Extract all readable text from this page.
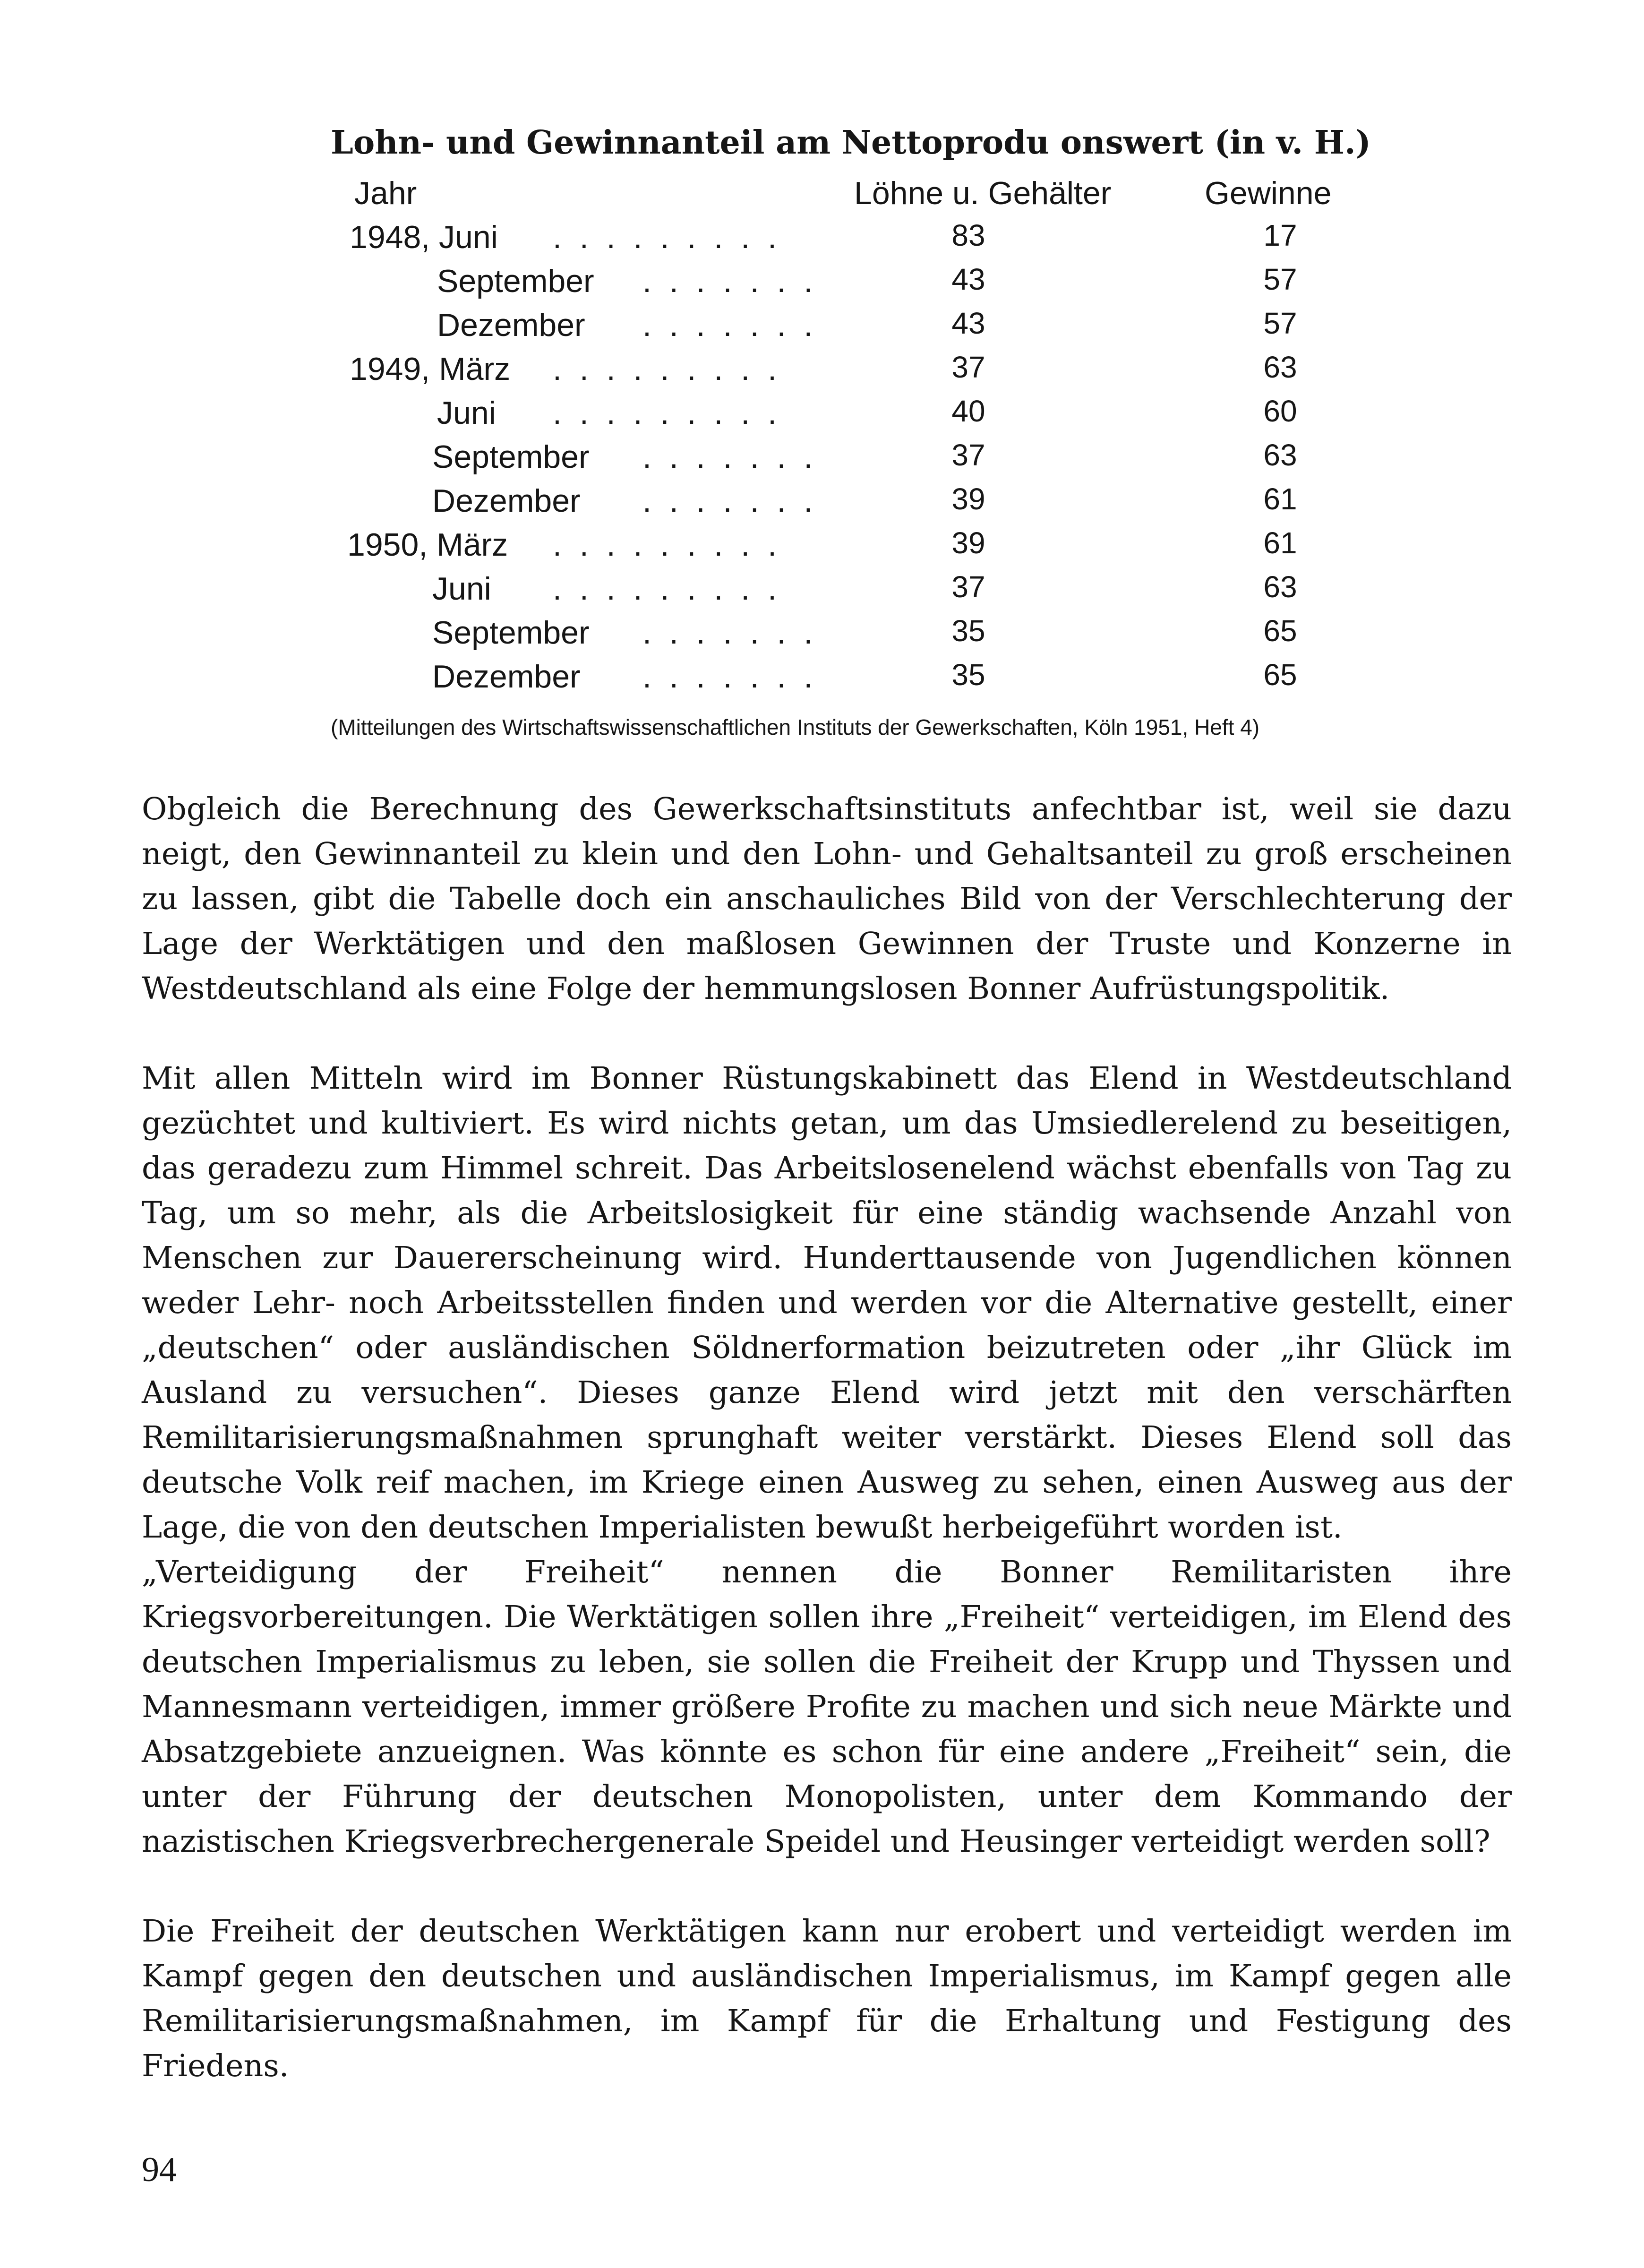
Lohn- und Gewinnanteil am Nettoprodu onswert (in v. H.)
Jahr	Löhne u. Gehälter	Gewinne
1948, Juni .........	83	17
September .......	43	57
Dezember .......	43	57
1949, März .........	37	63
Juni .........	40	60
September .......	37	63
Dezember .......	39	61
1950, März .........	39	61
Juni .........	37	63
September .......	35	65
Dezember .......	35	65
(Mitteilungen des Wirtschaftswissenschaftlichen Instituts der Gewerkschaften, Köln 1951, Heft 4)

Obgleich die Berechnung des Gewerkschaftsinstituts anfechtbar ist, weil sie dazu neigt, den Gewinnanteil zu klein und den Lohn- und Gehaltsanteil zu groß erscheinen zu lassen, gibt die Tabelle doch ein anschauliches Bild von der Verschlechterung der Lage der Werktätigen und den maßlosen Gewinnen der Truste und Konzerne in Westdeutschland als eine Folge der hemmungslosen Bonner Aufrüstungspolitik.

Mit allen Mitteln wird im Bonner Rüstungskabinett das Elend in Westdeutschland gezüchtet und kultiviert. Es wird nichts getan, um das Umsiedlerelend zu beseitigen, das geradezu zum Himmel schreit. Das Arbeitslosenelend wächst ebenfalls von Tag zu Tag, um so mehr, als die Arbeitslosigkeit für eine ständig wachsende Anzahl von Menschen zur Dauererscheinung wird. Hunderttausende von Jugendlichen können weder Lehr- noch Arbeitsstellen finden und werden vor die Alternative gestellt, einer „deutschen“ oder ausländischen Söldnerformation beizutreten oder „ihr Glück im Ausland zu versuchen“. Dieses ganze Elend wird jetzt mit den verschärften Remilitarisierungsmaßnahmen sprunghaft weiter verstärkt. Dieses Elend soll das deutsche Volk reif machen, im Kriege einen Ausweg zu sehen, einen Ausweg aus der Lage, die von den deutschen Imperialisten bewußt herbeigeführt worden ist.

„Verteidigung der Freiheit“ nennen die Bonner Remilitaristen ihre Kriegsvorbereitungen. Die Werktätigen sollen ihre „Freiheit“ verteidigen, im Elend des deutschen Imperialismus zu leben, sie sollen die Freiheit der Krupp und Thyssen und Mannesmann verteidigen, immer größere Profite zu machen und sich neue Märkte und Absatzgebiete anzueignen. Was könnte es schon für eine andere „Freiheit“ sein, die unter der Führung der deutschen Monopolisten, unter dem Kommando der nazistischen Kriegsverbrechergenerale Speidel und Heusinger verteidigt werden soll?

Die Freiheit der deutschen Werktätigen kann nur erobert und verteidigt werden im Kampf gegen den deutschen und ausländischen Imperialismus, im Kampf gegen alle Remilitarisierungsmaßnahmen, im Kampf für die Erhaltung und Festigung des Friedens.

94
